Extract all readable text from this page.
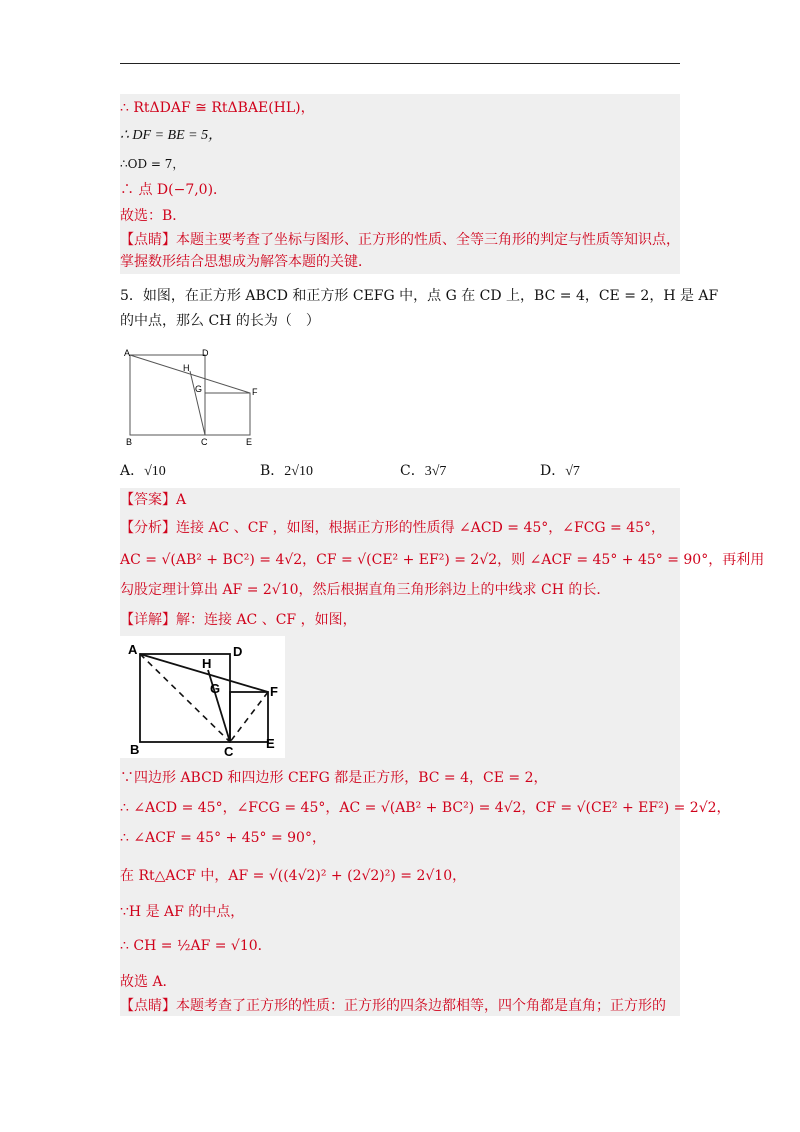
∴ RtΔDAF ≅ RtΔBAE(HL)，
∴ DF = BE = 5，
∴OD = 7，
∴ 点 D(−7,0)．
故选：B．
【点睛】本题主要考查了坐标与图形、正方形的性质、全等三角形的判定与性质等知识点，
掌握数形结合思想成为解答本题的关键．
5．如图，在正方形 ABCD 和正方形 CEFG 中，点 G 在 CD 上，BC = 4，CE = 2，H 是 AF
的中点，那么 CH 的长为（　）
A	D
H
G	F
B	C	E
A．√10	B．2√10	C．3√7	D．√7
【答案】A
【分析】连接 AC 、CF ，如图，根据正方形的性质得 ∠ACD = 45°，∠FCG = 45°，
AC = √(AB² + BC²) = 4√2，CF = √(CE² + EF²) = 2√2，则 ∠ACF = 45° + 45° = 90°，再利用
勾股定理计算出 AF = 2√10，然后根据直角三角形斜边上的中线求 CH 的长．
【详解】解：连接 AC 、CF ，如图，
A	D
H
G	F
B	C
E
∵四边形 ABCD 和四边形 CEFG 都是正方形，BC = 4，CE = 2，
∴ ∠ACD = 45°，∠FCG = 45°，AC = √(AB² + BC²) = 4√2，CF = √(CE² + EF²) = 2√2，
∴ ∠ACF = 45° + 45° = 90°，
在 Rt△ACF 中，AF = √((4√2)² + (2√2)²) = 2√10，
∵H 是 AF 的中点，
∴ CH = ½AF = √10．
故选 A．
【点睛】本题考查了正方形的性质：正方形的四条边都相等，四个角都是直角；正方形的
